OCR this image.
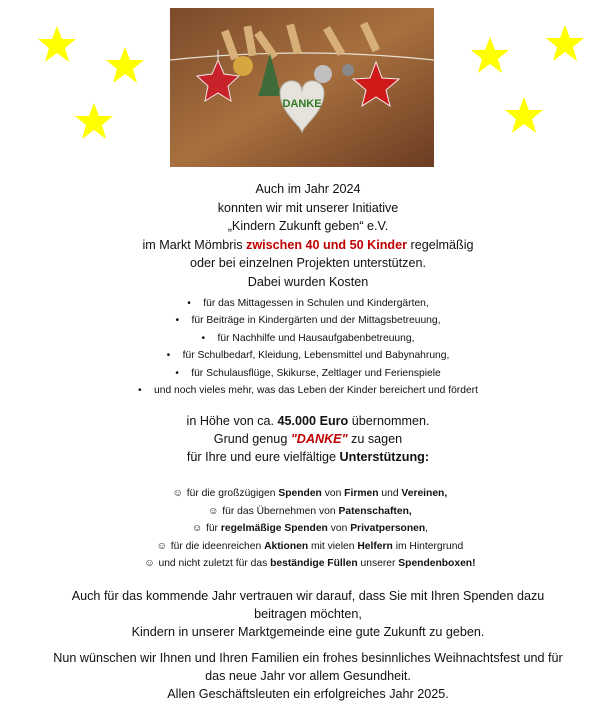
DANKE
Auch im Jahr 2024
konnten wir mit unserer Initiative
„Kindern Zukunft geben“ e.V.
im Markt Mömbris zwischen 40 und 50 Kinder regelmäßig
oder bei einzelnen Projekten unterstützen.
Dabei wurden Kosten
• für das Mittagessen in Schulen und Kindergärten,
• für Beiträge in Kindergärten und der Mittagsbetreuung,
• für Nachhilfe und Hausaufgabenbetreuung,
• für Schulbedarf, Kleidung, Lebensmittel und Babynahrung,
• für Schulausflüge, Skikurse, Zeltlager und Ferienspiele
• und noch vieles mehr, was das Leben der Kinder bereichert und fördert
in Höhe von ca. 45.000 Euro übernommen.
Grund genug "DANKE" zu sagen
für Ihre und eure vielfältige Unterstützung:
☺ für die großzügigen Spenden von Firmen und Vereinen,
☺ für das Übernehmen von Patenschaften,
☺ für regelmäßige Spenden von Privatpersonen,
☺ für die ideenreichen Aktionen mit vielen Helfern im Hintergrund
☺ und nicht zuletzt für das beständige Füllen unserer Spendenboxen!
Auch für das kommende Jahr vertrauen wir darauf, dass Sie mit Ihren Spenden dazu
beitragen möchten,
Kindern in unserer Marktgemeinde eine gute Zukunft zu geben.
Nun wünschen wir Ihnen und Ihren Familien ein frohes besinnliches Weihnachtsfest und für
das neue Jahr vor allem Gesundheit.
Allen Geschäftsleuten ein erfolgreiches Jahr 2025.
